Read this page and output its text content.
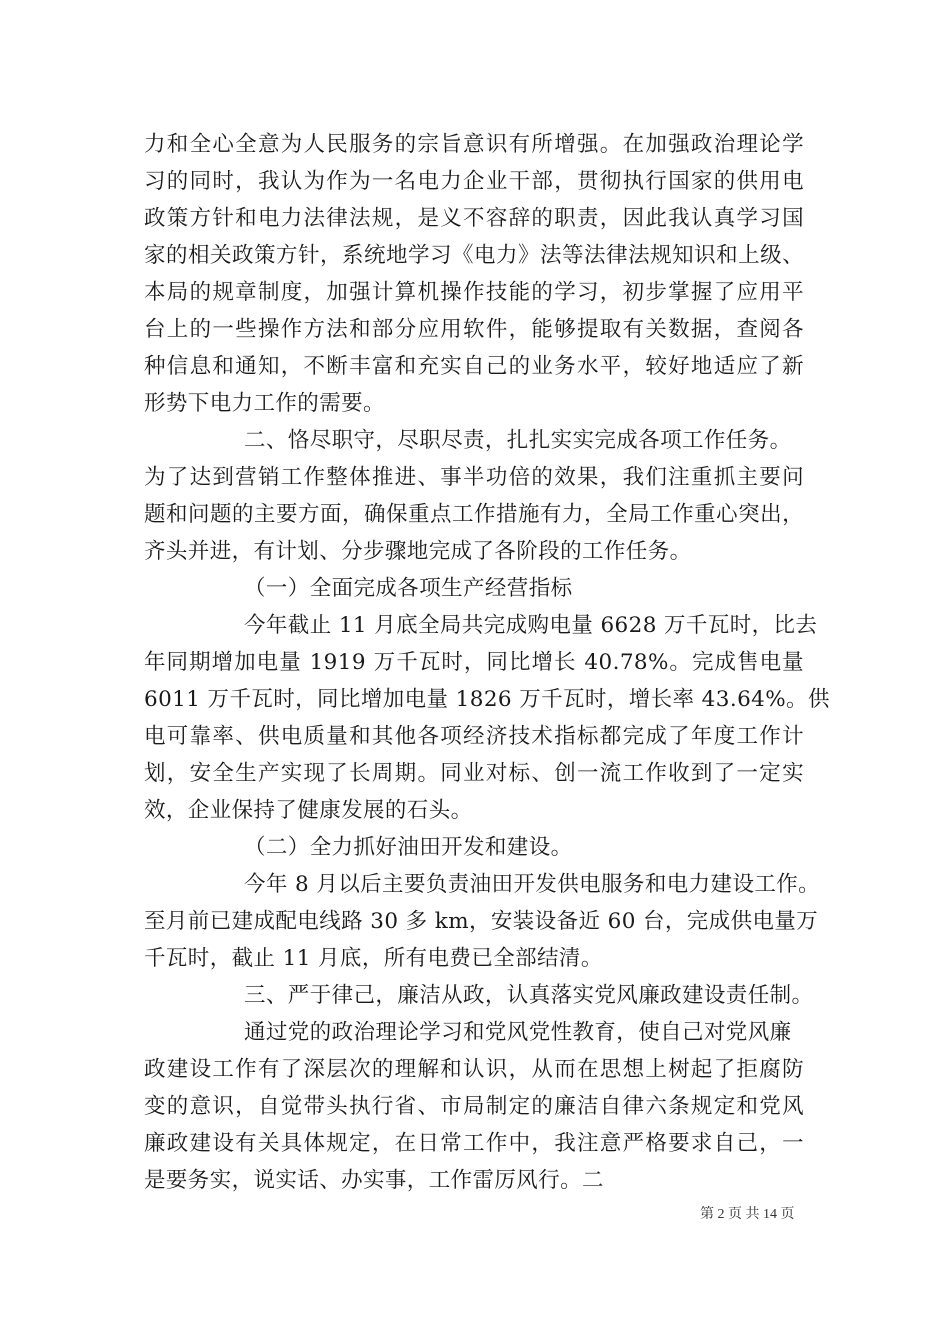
力和全心全意为人民服务的宗旨意识有所增强。在加强政治理论学
习的同时，我认为作为一名电力企业干部，贯彻执行国家的供用电
政策方针和电力法律法规，是义不容辞的职责，因此我认真学习国
家的相关政策方针，系统地学习《电力》法等法律法规知识和上级、
本局的规章制度，加强计算机操作技能的学习，初步掌握了应用平
台上的一些操作方法和部分应用软件，能够提取有关数据，查阅各
种信息和通知，不断丰富和充实自己的业务水平，较好地适应了新
形势下电力工作的需要。
二、恪尽职守，尽职尽责，扎扎实实完成各项工作任务。
为了达到营销工作整体推进、事半功倍的效果，我们注重抓主要问
题和问题的主要方面，确保重点工作措施有力，全局工作重心突出，
齐头并进，有计划、分步骤地完成了各阶段的工作任务。
（一）全面完成各项生产经营指标
今年截止 11 月底全局共完成购电量 6628 万千瓦时，比去
年同期增加电量 1919 万千瓦时，同比增长 40.78%。完成售电量
6011 万千瓦时，同比增加电量 1826 万千瓦时，增长率 43.64%。供
电可靠率、供电质量和其他各项经济技术指标都完成了年度工作计
划，安全生产实现了长周期。同业对标、创一流工作收到了一定实
效，企业保持了健康发展的石头。
（二）全力抓好油田开发和建设。
今年 8 月以后主要负责油田开发供电服务和电力建设工作。
至月前已建成配电线路 30 多 km，安装设备近 60 台，完成供电量万
千瓦时，截止 11 月底，所有电费已全部结清。
三、严于律己，廉洁从政，认真落实党风廉政建设责任制。
通过党的政治理论学习和党风党性教育，使自己对党风廉
政建设工作有了深层次的理解和认识，从而在思想上树起了拒腐防
变的意识，自觉带头执行省、市局制定的廉洁自律六条规定和党风
廉政建设有关具体规定，在日常工作中，我注意严格要求自己，一
是要务实，说实话、办实事，工作雷厉风行。二
第 2 页 共 14 页
